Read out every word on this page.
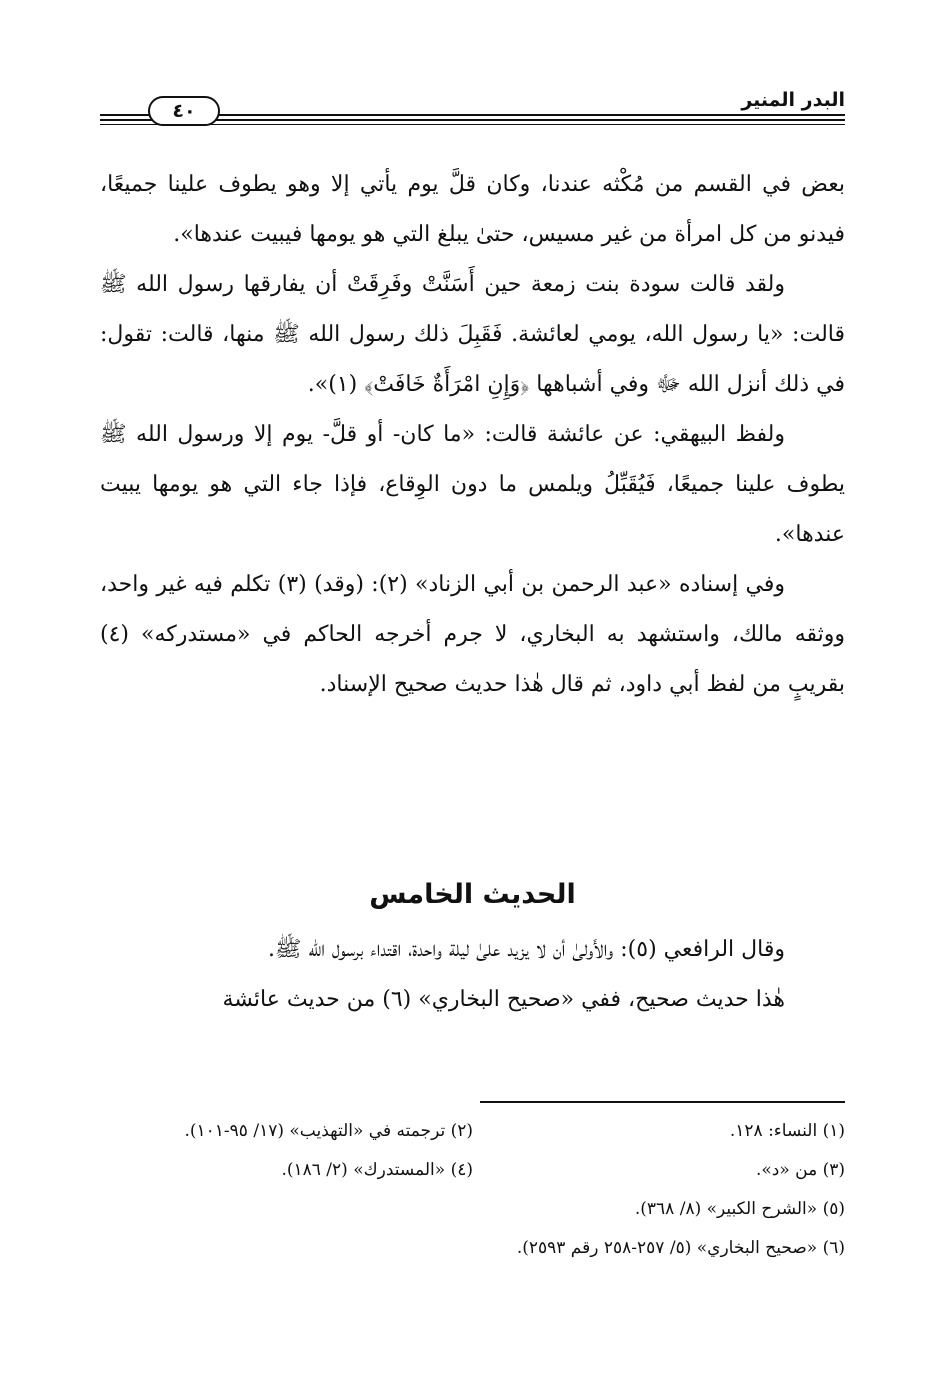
البدر المنير
٤٠

بعض في القسم من مُكْثه عندنا، وكان قلَّ يوم يأتي إلا وهو يطوف علينا جميعًا، فيدنو من كل امرأة من غير مسيس، حتىٰ يبلغ التي هو يومها فيبيت عندها».

ولقد قالت سودة بنت زمعة حين أَسَنَّتْ وفَرِقَتْ أن يفارقها رسول الله ﷺ قالت: «يا رسول الله، يومي لعائشة. فَقَبِلَ ذلك رسول الله ﷺ منها، قالت: تقول: في ذلك أنزل الله ﷻ وفي أشباهها ﴿وَإِنِ امْرَأَةٌ خَافَتْ﴾ (١)».

ولفظ البيهقي: عن عائشة قالت: «ما كان- أو قلَّ- يوم إلا ورسول الله ﷺ يطوف علينا جميعًا، فَيُقَبِّلُ ويلمس ما دون الوِقاع، فإذا جاء التي هو يومها يبيت عندها».

وفي إسناده «عبد الرحمن بن أبي الزناد» (٢): (وقد) (٣) تكلم فيه غير واحد، ووثقه مالك، واستشهد به البخاري، لا جرم أخرجه الحاكم في «مستدركه» (٤) بقريبٍ من لفظ أبي داود، ثم قال هٰذا حديث صحيح الإسناد.

الحديث الخامس

وقال الرافعي (٥): والأَولىٰ أن لا يزيد علىٰ ليلة واحدة، اقتداء برسول الله ﷺ.

هٰذا حديث صحيح، ففي «صحيح البخاري» (٦) من حديث عائشة

(١) النساء: ١٢٨.
(٢) ترجمته في «التهذيب» (١٧/ ٩٥-١٠١).
(٣) من «د».
(٤) «المستدرك» (٢/ ١٨٦).
(٥) «الشرح الكبير» (٨/ ٣٦٨).
(٦) «صحيح البخاري» (٥/ ٢٥٧-٢٥٨ رقم ٢٥٩٣).
